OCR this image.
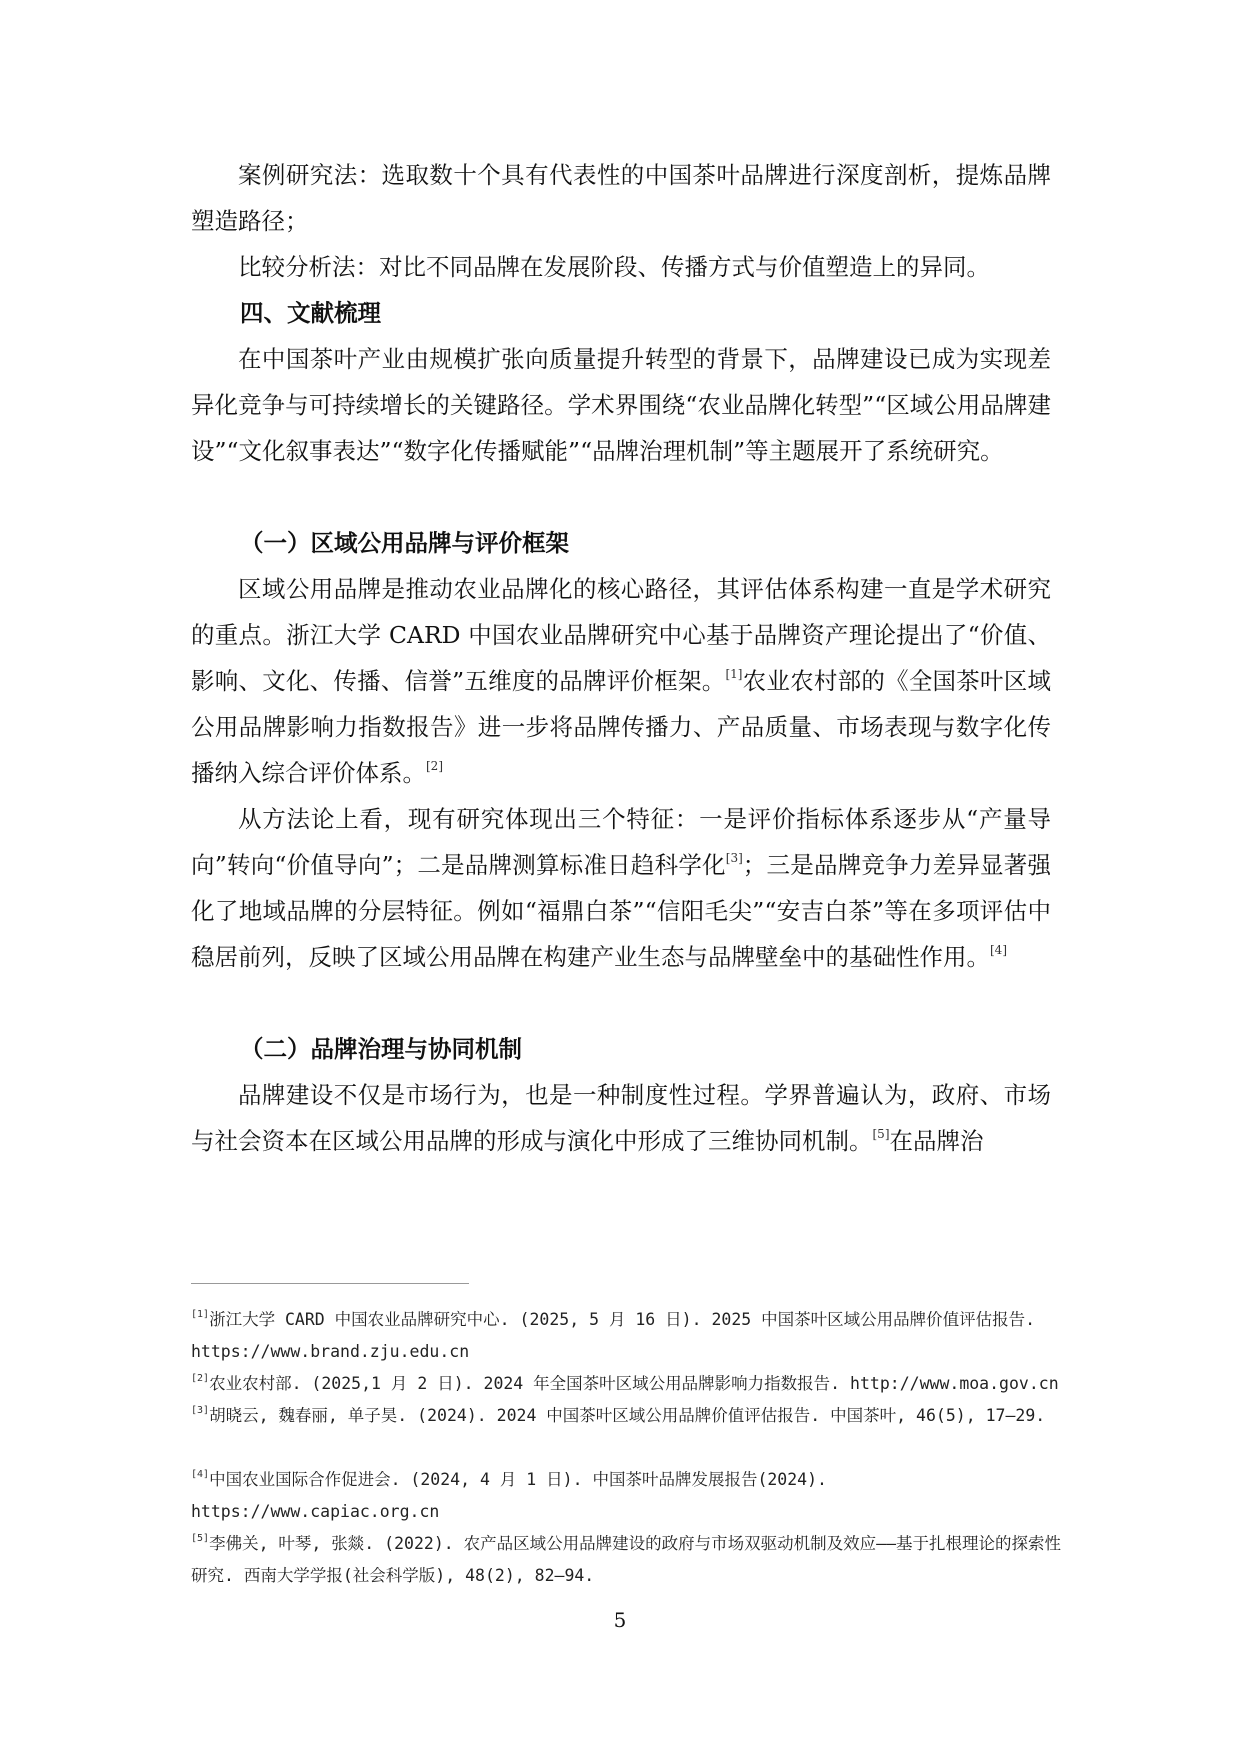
案例研究法：选取数十个具有代表性的中国茶叶品牌进行深度剖析，提炼品牌塑造路径；

比较分析法：对比不同品牌在发展阶段、传播方式与价值塑造上的异同。

四、文献梳理

在中国茶叶产业由规模扩张向质量提升转型的背景下，品牌建设已成为实现差异化竞争与可持续增长的关键路径。学术界围绕“农业品牌化转型”“区域公用品牌建设”“文化叙事表达”“数字化传播赋能”“品牌治理机制”等主题展开了系统研究。

（一）区域公用品牌与评价框架

区域公用品牌是推动农业品牌化的核心路径，其评估体系构建一直是学术研究的重点。浙江大学 CARD 中国农业品牌研究中心基于品牌资产理论提出了“价值、影响、文化、传播、信誉”五维度的品牌评价框架。[1]农业农村部的《全国茶叶区域公用品牌影响力指数报告》进一步将品牌传播力、产品质量、市场表现与数字化传播纳入综合评价体系。[2]

从方法论上看，现有研究体现出三个特征：一是评价指标体系逐步从“产量导向”转向“价值导向”；二是品牌测算标准日趋科学化[3]；三是品牌竞争力差异显著强化了地域品牌的分层特征。例如“福鼎白茶”“信阳毛尖”“安吉白茶”等在多项评估中稳居前列，反映了区域公用品牌在构建产业生态与品牌壁垒中的基础性作用。[4]

（二）品牌治理与协同机制

品牌建设不仅是市场行为，也是一种制度性过程。学界普遍认为，政府、市场与社会资本在区域公用品牌的形成与演化中形成了三维协同机制。[5]在品牌治

[1]浙江大学 CARD 中国农业品牌研究中心. (2025, 5 月 16 日). 2025 中国茶叶区域公用品牌价值评估报告. https://www.brand.zju.edu.cn

[2]农业农村部. (2025,1 月 2 日). 2024 年全国茶叶区域公用品牌影响力指数报告. http://www.moa.gov.cn

[3]胡晓云, 魏春丽, 单子昊. (2024). 2024 中国茶叶区域公用品牌价值评估报告. 中国茶叶, 46(5), 17–29.

[4]中国农业国际合作促进会. (2024, 4 月 1 日). 中国茶叶品牌发展报告(2024). https://www.capiac.org.cn

[5]李佛关, 叶琴, 张燚. (2022). 农产品区域公用品牌建设的政府与市场双驱动机制及效应——基于扎根理论的探索性研究. 西南大学学报(社会科学版), 48(2), 82–94.

5
